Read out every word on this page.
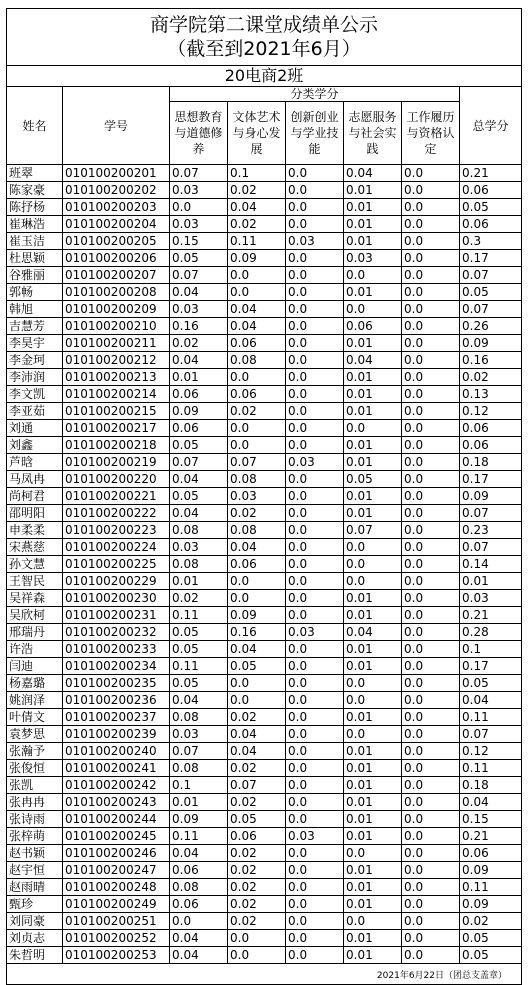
商学院第二课堂成绩单公示							
（截至到2021年6月）							
20电商2班							
姓名	学号	分类学分					总学分
		思想教育与道德修养	文体艺术与身心发展	创新创业与学业技能	志愿服务与社会实践	工作履历与资格认定	
班翠	010100200201	0.07	0.1	0.0	0.04	0.0	0.21
陈家豪	010100200202	0.03	0.02	0.0	0.01	0.0	0.06
陈抒杨	010100200203	0.0	0.04	0.0	0.01	0.0	0.05
崔琳浩	010100200204	0.03	0.02	0.0	0.01	0.0	0.06
崔玉洁	010100200205	0.15	0.11	0.03	0.01	0.0	0.3
杜思颖	010100200206	0.05	0.09	0.0	0.03	0.0	0.17
谷雅丽	010100200207	0.07	0.0	0.0	0.0	0.0	0.07
郭畅	010100200208	0.04	0.0	0.0	0.01	0.0	0.05
韩旭	010100200209	0.03	0.04	0.0	0.0	0.0	0.07
吉慧芳	010100200210	0.16	0.04	0.0	0.06	0.0	0.26
李昊宇	010100200211	0.02	0.06	0.0	0.01	0.0	0.09
李金珂	010100200212	0.04	0.08	0.0	0.04	0.0	0.16
李沛润	010100200213	0.01	0.0	0.0	0.01	0.0	0.02
李文凯	010100200214	0.06	0.06	0.0	0.01	0.0	0.13
李亚茹	010100200215	0.09	0.02	0.0	0.01	0.0	0.12
刘通	010100200217	0.06	0.0	0.0	0.0	0.0	0.06
刘鑫	010100200218	0.05	0.0	0.0	0.01	0.0	0.06
芦晗	010100200219	0.07	0.07	0.03	0.01	0.0	0.18
马凤冉	010100200220	0.04	0.08	0.0	0.05	0.0	0.17
尚柯君	010100200221	0.05	0.03	0.0	0.01	0.0	0.09
邵明阳	010100200222	0.04	0.02	0.0	0.01	0.0	0.07
申柔柔	010100200223	0.08	0.08	0.0	0.07	0.0	0.23
宋燕慈	010100200224	0.03	0.04	0.0	0.0	0.0	0.07
孙文慧	010100200225	0.08	0.06	0.0	0.0	0.0	0.14
王智民	010100200229	0.01	0.0	0.0	0.0	0.0	0.01
吴祥森	010100200230	0.02	0.0	0.0	0.01	0.0	0.03
吴欣柯	010100200231	0.11	0.09	0.0	0.01	0.0	0.21
邢瑞丹	010100200232	0.05	0.16	0.03	0.04	0.0	0.28
许浩	010100200233	0.05	0.04	0.0	0.01	0.0	0.1
闫迪	010100200234	0.11	0.05	0.0	0.01	0.0	0.17
杨嘉璐	010100200235	0.05	0.0	0.0	0.0	0.0	0.05
姚润泽	010100200236	0.04	0.0	0.0	0.0	0.0	0.04
叶倩文	010100200237	0.08	0.02	0.0	0.01	0.0	0.11
袁梦思	010100200239	0.03	0.04	0.0	0.0	0.0	0.07
张瀚予	010100200240	0.07	0.04	0.0	0.01	0.0	0.12
张俊恒	010100200241	0.08	0.02	0.0	0.01	0.0	0.11
张凯	010100200242	0.1	0.07	0.0	0.01	0.0	0.18
张冉冉	010100200243	0.01	0.02	0.0	0.01	0.0	0.04
张诗雨	010100200244	0.09	0.05	0.0	0.01	0.0	0.15
张梓萌	010100200245	0.11	0.06	0.03	0.01	0.0	0.21
赵书颖	010100200246	0.04	0.02	0.0	0.0	0.0	0.06
赵宇恒	010100200247	0.06	0.02	0.0	0.01	0.0	0.09
赵雨晴	010100200248	0.08	0.02	0.0	0.01	0.0	0.11
甄珍	010100200249	0.06	0.02	0.0	0.01	0.0	0.09
刘同豪	010100200251	0.0	0.02	0.0	0.0	0.0	0.02
刘贞志	010100200252	0.04	0.0	0.0	0.01	0.0	0.05
朱哲明	010100200253	0.04	0.0	0.0	0.01	0.0	0.05
2021年6月22日（团总支盖章）							
